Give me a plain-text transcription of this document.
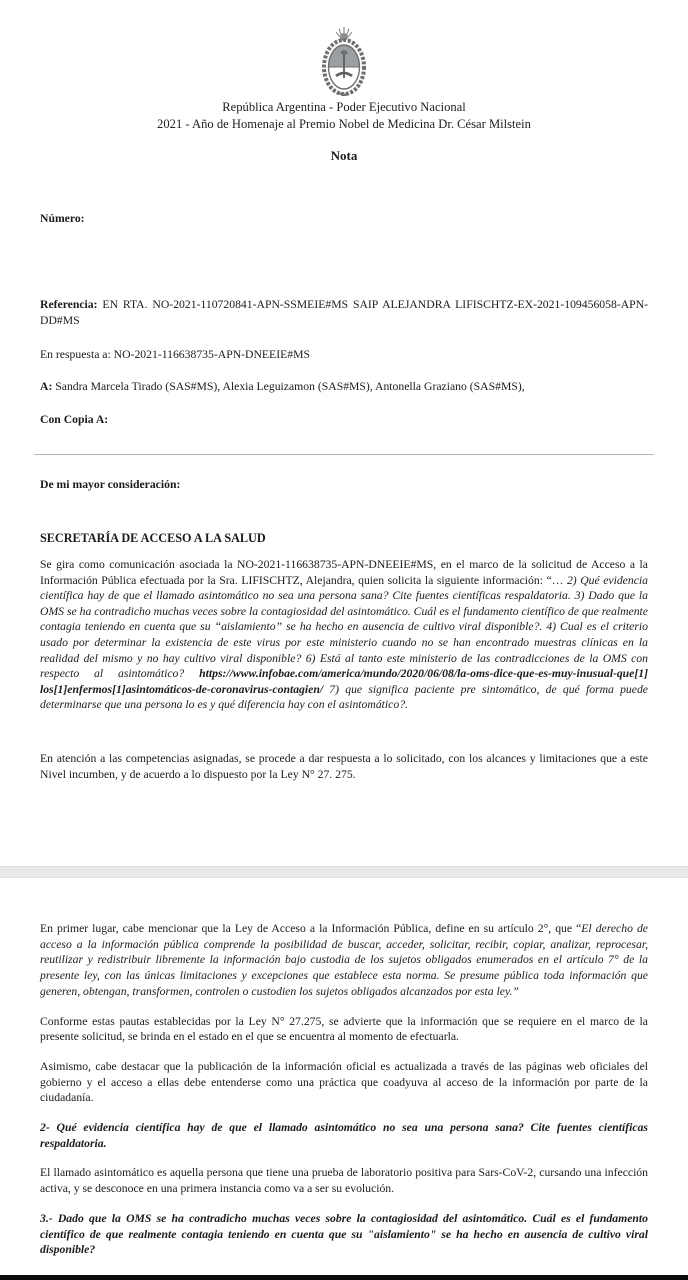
República Argentina - Poder Ejecutivo Nacional
2021 - Año de Homenaje al Premio Nobel de Medicina Dr. César Milstein
Nota
Número:
Referencia: EN RTA. NO-2021-110720841-APN-SSMEIE#MS SAIP ALEJANDRA LIFISCHTZ-EX-2021-109456058-APN-DD#MS
En respuesta a: NO-2021-116638735-APN-DNEEIE#MS
A: Sandra Marcela Tirado (SAS#MS), Alexia Leguizamon (SAS#MS), Antonella Graziano (SAS#MS),
Con Copia A:
De mi mayor consideración:
SECRETARÍA DE ACCESO A LA SALUD
Se gira como comunicación asociada la NO-2021-116638735-APN-DNEEIE#MS, en el marco de la solicitud de Acceso a la Información Pública efectuada por la Sra. LIFISCHTZ, Alejandra, quien solicita la siguiente información: “… 2) Qué evidencia científica hay de que el llamado asintomático no sea una persona sana? Cite fuentes científicas respaldatoria. 3) Dado que la OMS se ha contradicho muchas veces sobre la contagiosidad del asintomático. Cuál es el fundamento científico de que realmente contagia teniendo en cuenta que su “aislamiento” se ha hecho en ausencia de cultivo viral disponible?. 4) Cual es el criterio usado por determinar la existencia de este virus por este ministerio cuando no se han encontrado muestras clínicas en la realidad del mismo y no hay cultivo viral disponible? 6) Está al tanto este ministerio de las contradicciones de la OMS con respecto al asintomático? https://www.infobae.com/america/mundo/2020/06/08/la-oms-dice-que-es-muy-inusual-que[1] los[1]enfermos[1]asintomáticos-de-coronavirus-contagien/ 7) que significa paciente pre sintomático, de qué forma puede determinarse que una persona lo es y qué diferencia hay con el asintomático?.
En atención a las competencias asignadas, se procede a dar respuesta a lo solicitado, con los alcances y limitaciones que a este Nivel incumben, y de acuerdo a lo dispuesto por la Ley N° 27. 275.
En primer lugar, cabe mencionar que la Ley de Acceso a la Información Pública, define en su artículo 2°, que “El derecho de acceso a la información pública comprende la posibilidad de buscar, acceder, solicitar, recibir, copiar, analizar, reprocesar, reutilizar y redistribuir libremente la información bajo custodia de los sujetos obligados enumerados en el artículo 7° de la presente ley, con las únicas limitaciones y excepciones que establece esta norma. Se presume pública toda información que generen, obtengan, transformen, controlen o custodien los sujetos obligados alcanzados por esta ley.”
Conforme estas pautas establecidas por la Ley N° 27.275, se advierte que la información que se requiere en el marco de la presente solicitud, se brinda en el estado en el que se encuentra al momento de efectuarla.
Asimismo, cabe destacar que la publicación de la información oficial es actualizada a través de las páginas web oficiales del gobierno y el acceso a ellas debe entenderse como una práctica que coadyuva al acceso de la información por parte de la ciudadanía.
2- Qué evidencia científica hay de que el llamado asintomático no sea una persona sana? Cite fuentes científicas respaldatoria.
El llamado asintomático es aquella persona que tiene una prueba de laboratorio positiva para Sars-CoV-2, cursando una infección activa, y se desconoce en una primera instancia como va a ser su evolución.
3.- Dado que la OMS se ha contradicho muchas veces sobre la contagiosidad del asintomático. Cuál es el fundamento científico de que realmente contagia teniendo en cuenta que su "aislamiento" se ha hecho en ausencia de cultivo viral disponible?
